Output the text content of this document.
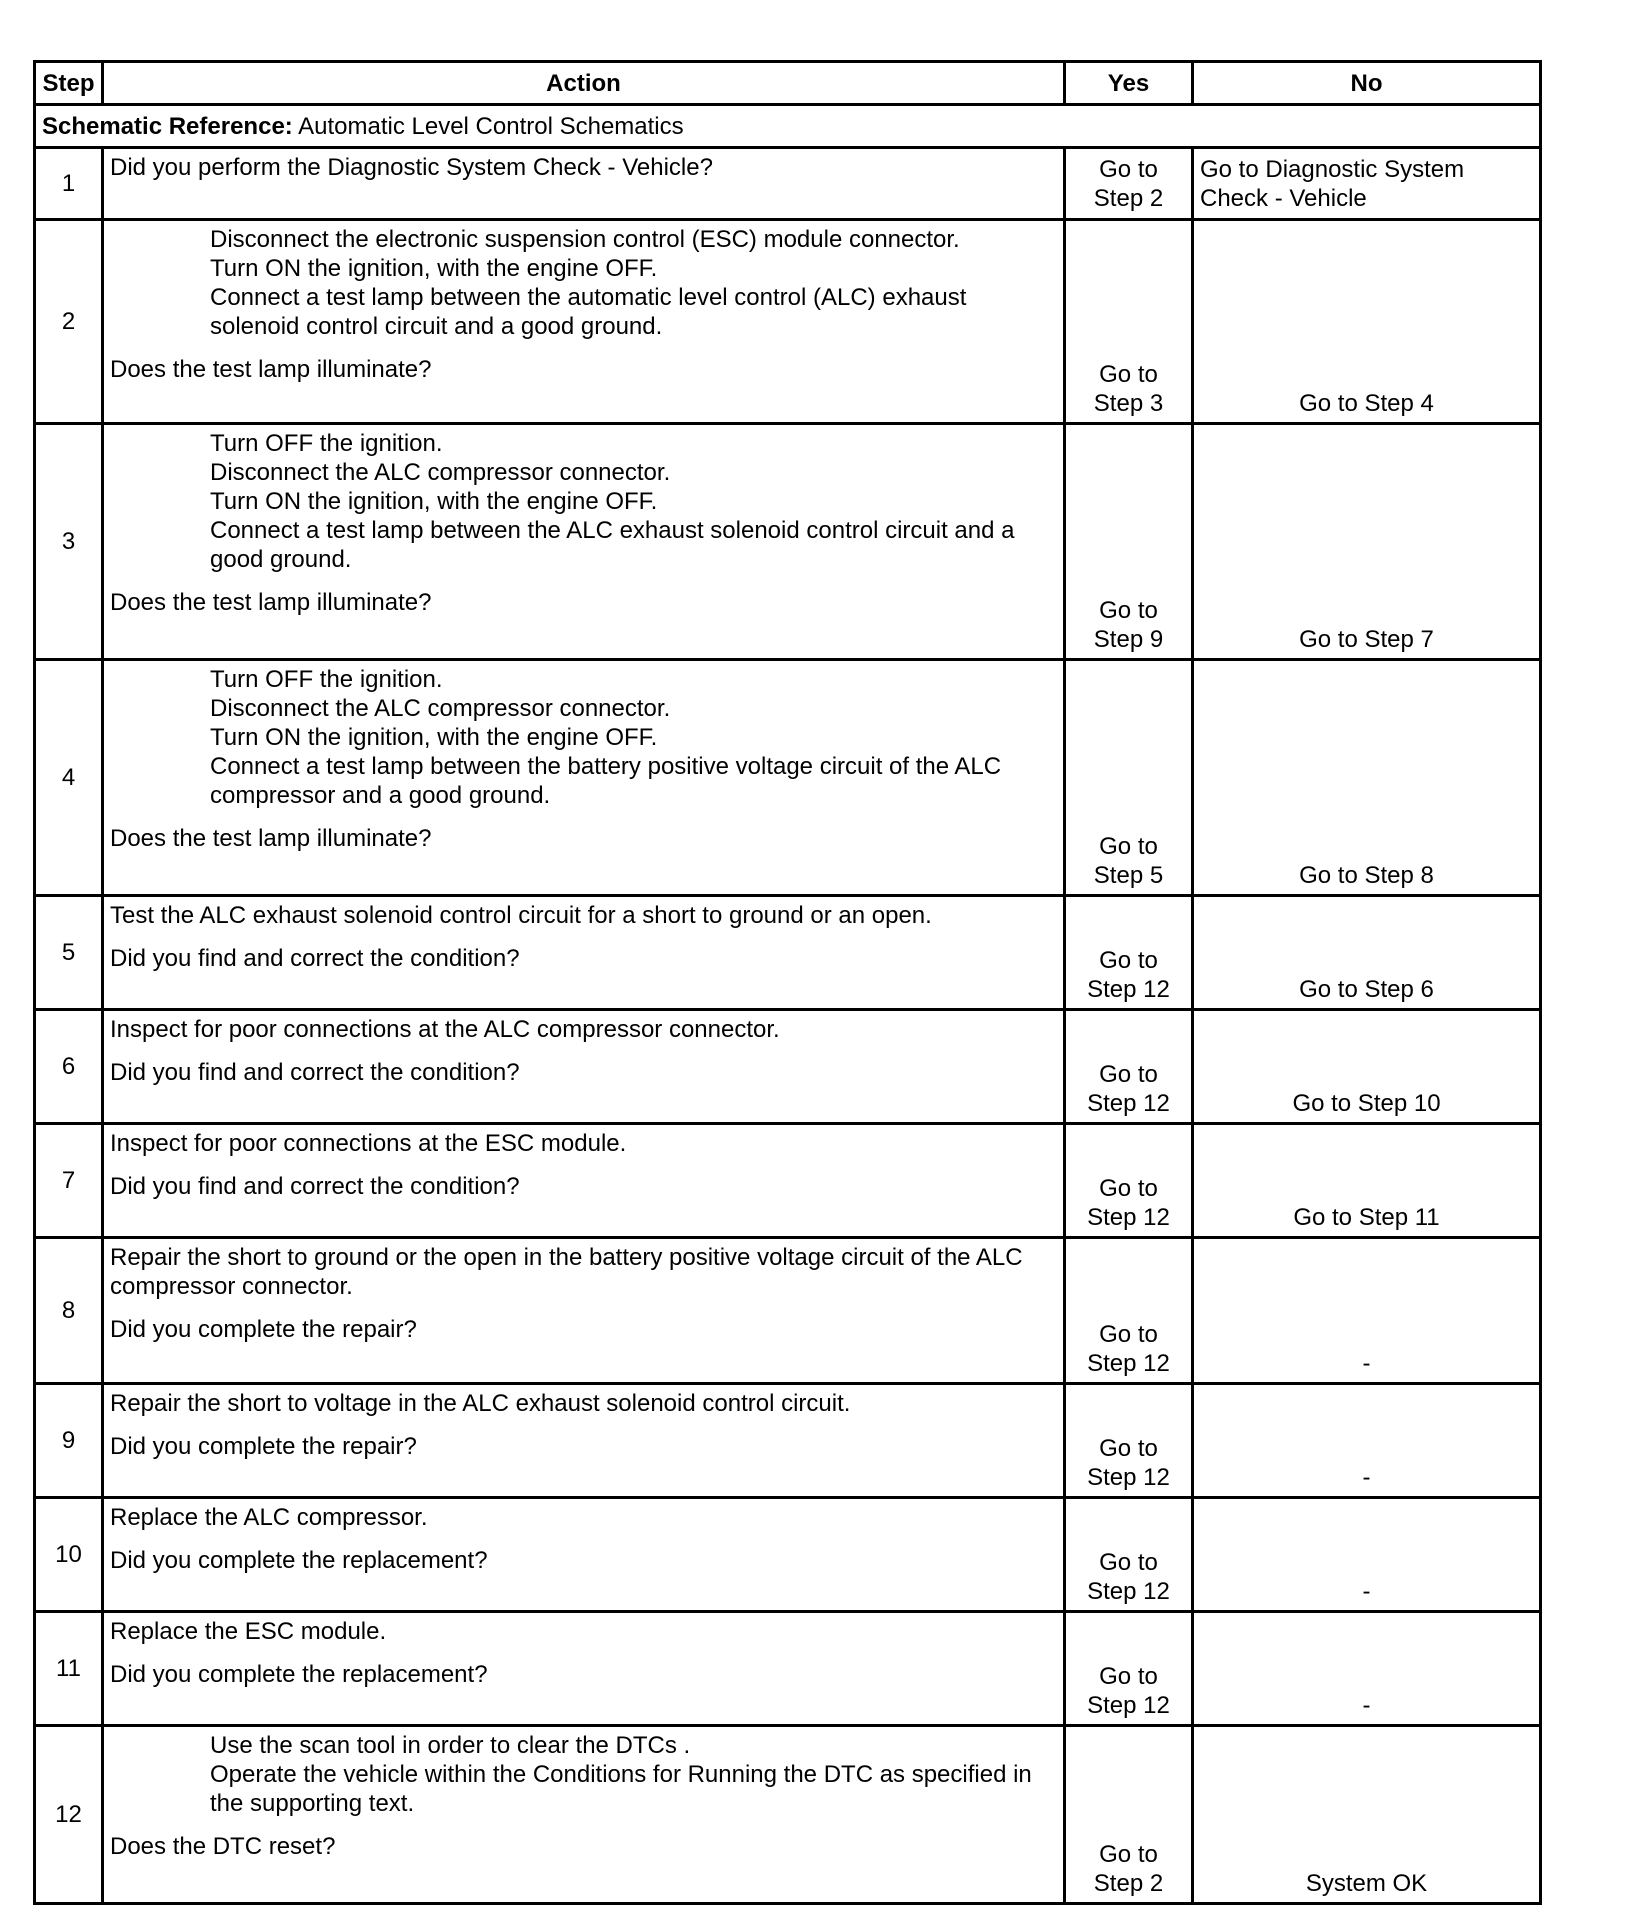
Step	Action	Yes	No
Schematic Reference: Automatic Level Control Schematics			
1	Did you perform the Diagnostic System Check - Vehicle?	Go to Step 2	Go to Diagnostic System Check - Vehicle
2	Disconnect the electronic suspension control (ESC) module connector.
Turn ON the ignition, with the engine OFF.
Connect a test lamp between the automatic level control (ALC) exhaust solenoid control circuit and a good ground.
Does the test lamp illuminate?	Go to Step 3	Go to Step 4
3	Turn OFF the ignition.
Disconnect the ALC compressor connector.
Turn ON the ignition, with the engine OFF.
Connect a test lamp between the ALC exhaust solenoid control circuit and a good ground.
Does the test lamp illuminate?	Go to Step 9	Go to Step 7
4	Turn OFF the ignition.
Disconnect the ALC compressor connector.
Turn ON the ignition, with the engine OFF.
Connect a test lamp between the battery positive voltage circuit of the ALC compressor and a good ground.
Does the test lamp illuminate?	Go to Step 5	Go to Step 8
5	Test the ALC exhaust solenoid control circuit for a short to ground or an open.
Did you find and correct the condition?	Go to Step 12	Go to Step 6
6	Inspect for poor connections at the ALC compressor connector.
Did you find and correct the condition?	Go to Step 12	Go to Step 10
7	Inspect for poor connections at the ESC module.
Did you find and correct the condition?	Go to Step 12	Go to Step 11
8	Repair the short to ground or the open in the battery positive voltage circuit of the ALC compressor connector.
Did you complete the repair?	Go to Step 12	-
9	Repair the short to voltage in the ALC exhaust solenoid control circuit.
Did you complete the repair?	Go to Step 12	-
10	Replace the ALC compressor.
Did you complete the replacement?	Go to Step 12	-
11	Replace the ESC module.
Did you complete the replacement?	Go to Step 12	-
12	Use the scan tool in order to clear the DTCs .
Operate the vehicle within the Conditions for Running the DTC as specified in the supporting text.
Does the DTC reset?	Go to Step 2	System OK
